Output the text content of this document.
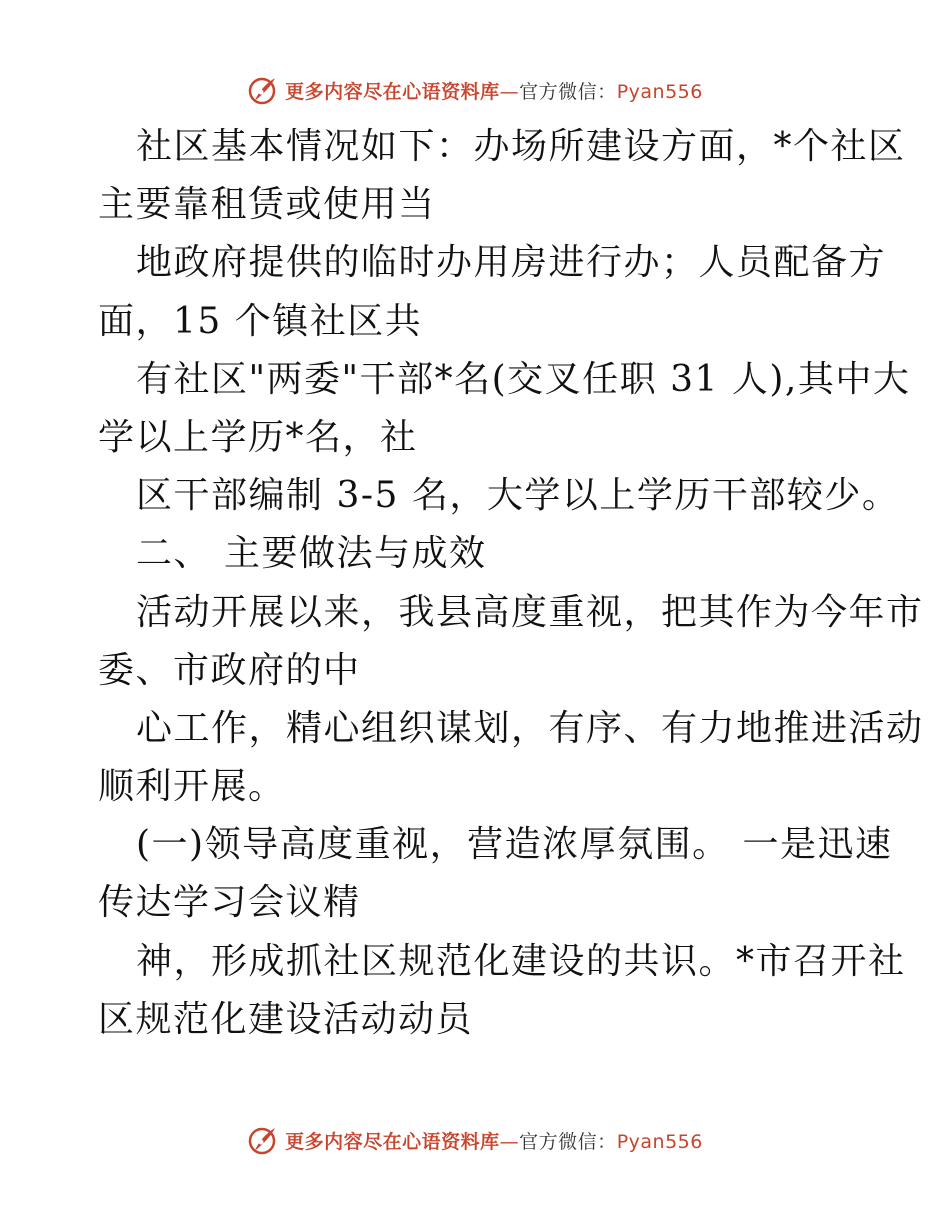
更多内容尽在心语资料库—官方微信：Pyan556
社区基本情况如下：办场所建设方面，*个社区
主要靠租赁或使用当
地政府提供的临时办用房进行办；人员配备方
面，15 个镇社区共
有社区"两委"干部*名(交叉任职 31 人),其中大
学以上学历*名，社
区干部编制 3-5 名，大学以上学历干部较少。
二、 主要做法与成效
活动开展以来，我县高度重视，把其作为今年市
委、市政府的中
心工作，精心组织谋划，有序、有力地推进活动
顺利开展。
(一)领导高度重视，营造浓厚氛围。 一是迅速
传达学习会议精
神，形成抓社区规范化建设的共识。*市召开社
区规范化建设活动动员
更多内容尽在心语资料库—官方微信：Pyan556
